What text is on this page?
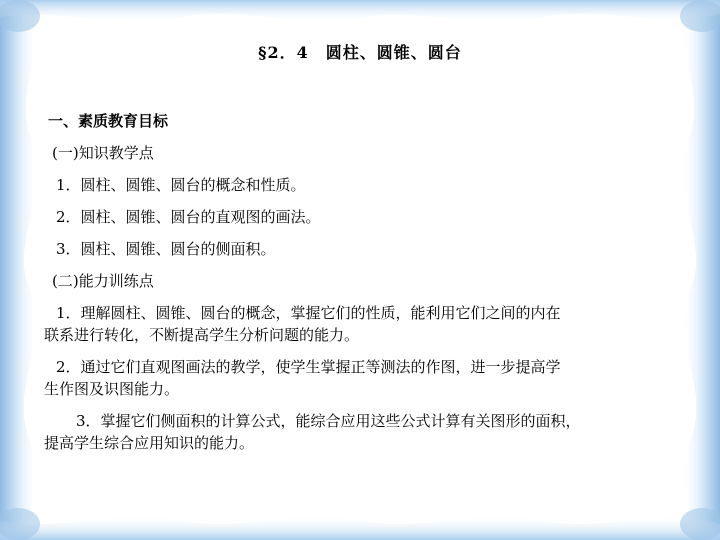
§2．4　圆柱、圆锥、圆台
一、素质教育目标
(一)知识教学点
1．圆柱、圆锥、圆台的概念和性质。
2．圆柱、圆锥、圆台的直观图的画法。
3．圆柱、圆锥、圆台的侧面积。
(二)能力训练点
1．理解圆柱、圆锥、圆台的概念，掌握它们的性质，能利用它们之间的内在
联系进行转化，不断提高学生分析问题的能力。
2．通过它们直观图画法的教学，使学生掌握正等测法的作图，进一步提高学
生作图及识图能力。
3．掌握它们侧面积的计算公式，能综合应用这些公式计算有关图形的面积，
提高学生综合应用知识的能力。
